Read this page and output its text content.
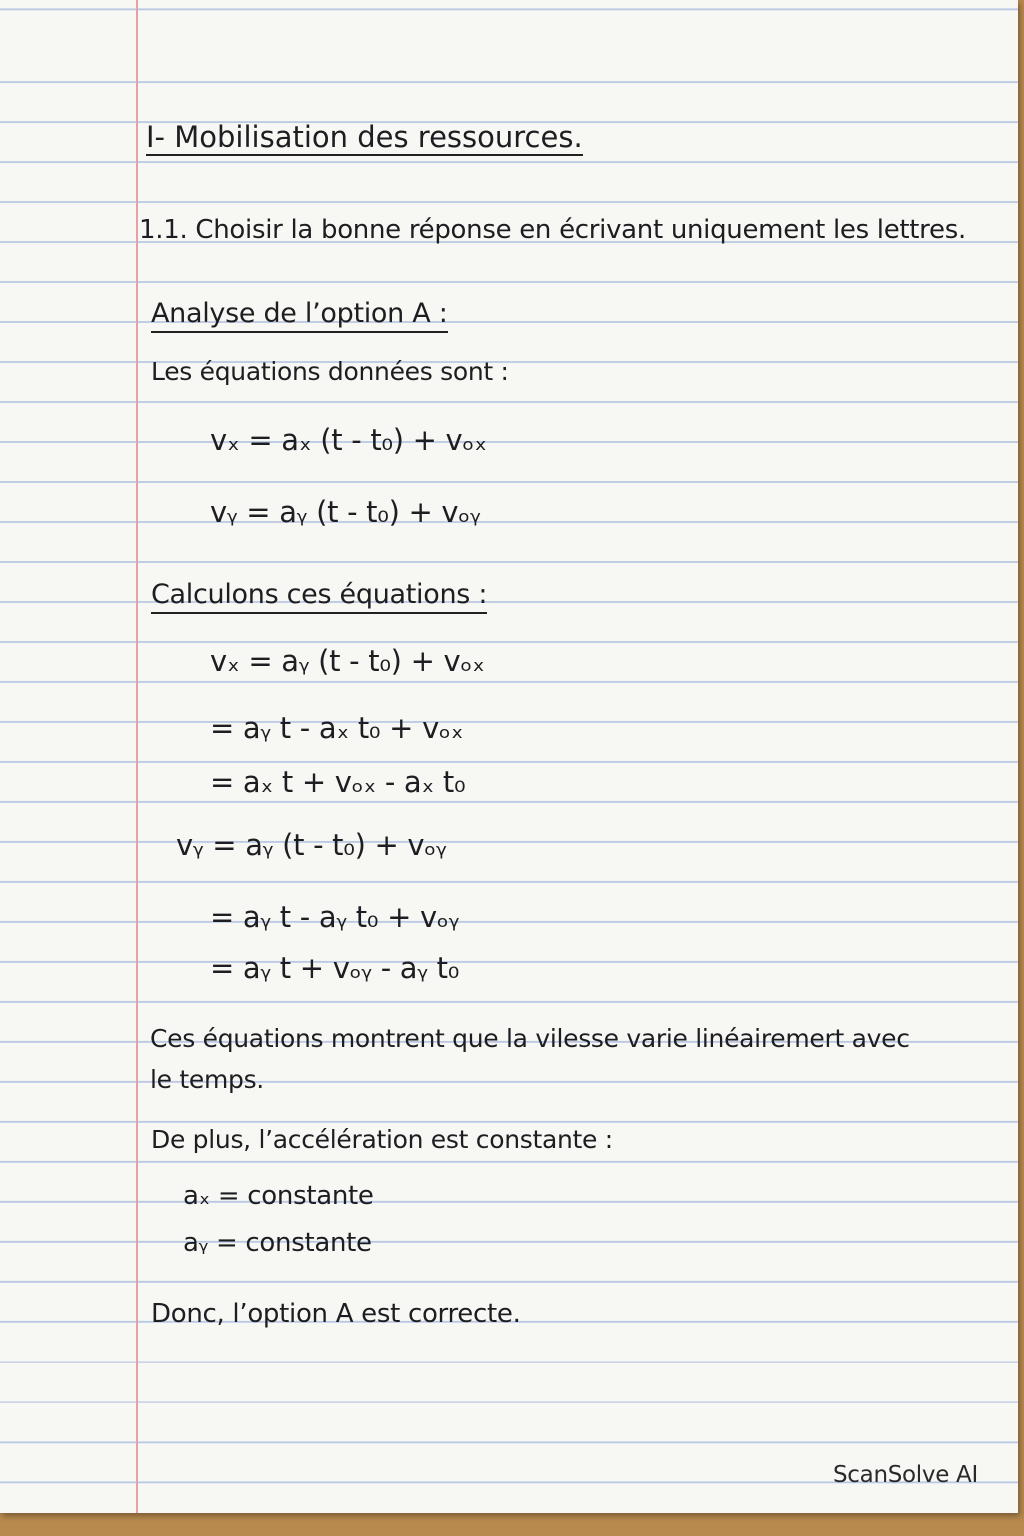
I- Mobilisation des ressources.
1.1. Choisir la bonne réponse en écrivant uniquement les lettres.
Analyse de l’option A :
Les équations données sont :
vₓ = aₓ (t - t₀) + vₒₓ
vᵧ = aᵧ (t - t₀) + vₒᵧ
Calculons ces équations :
vₓ = aᵧ (t - t₀) + vₒₓ
= aᵧ t - aₓ t₀ + vₒₓ
= aₓ t + vₒₓ - aₓ t₀
vᵧ = aᵧ (t - t₀) + vₒᵧ
= aᵧ t - aᵧ t₀ + vₒᵧ
= aᵧ t + vₒᵧ - aᵧ t₀
Ces équations montrent que la vilesse varie linéairemert avec
le temps.
De plus, l’accélération est constante :
aₓ = constante
aᵧ = constante
Donc, l’option A est correcte.
ScanSolve AI
